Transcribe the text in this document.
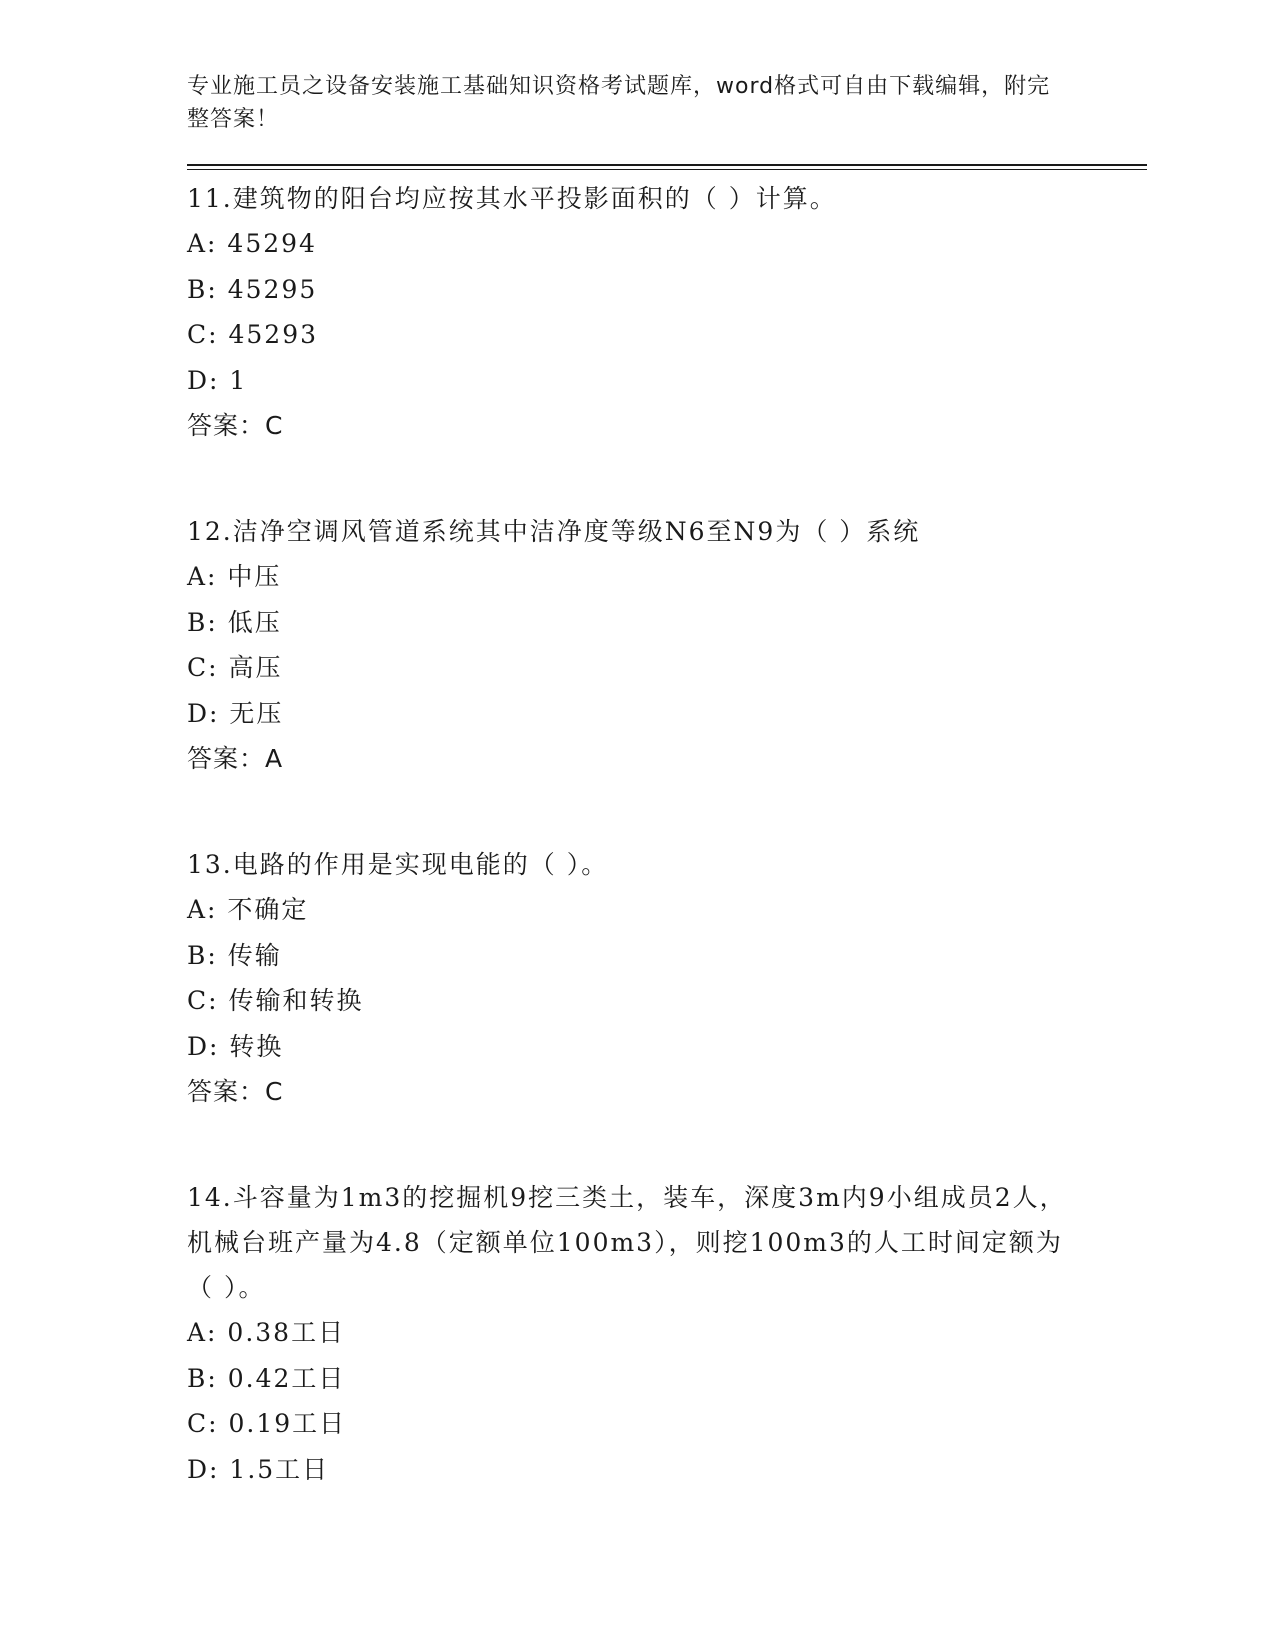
专业施工员之设备安装施工基础知识资格考试题库，word格式可自由下载编辑，附完整答案！

11.建筑物的阳台均应按其水平投影面积的（ ）计算。

A: 45294

B: 45295

C: 45293

D: 1

答案：C

12.洁净空调风管道系统其中洁净度等级N6至N9为（ ）系统

A: 中压

B: 低压

C: 高压

D: 无压

答案：A

13.电路的作用是实现电能的（ ）。

A: 不确定

B: 传输

C: 传输和转换

D: 转换

答案：C

14.斗容量为1m3的挖掘机9挖三类土，装车，深度3m内9小组成员2人，机械台班产量为4.8（定额单位100m3），则挖100m3的人工时间定额为（ ）。

A: 0.38工日

B: 0.42工日

C: 0.19工日

D: 1.5工日
